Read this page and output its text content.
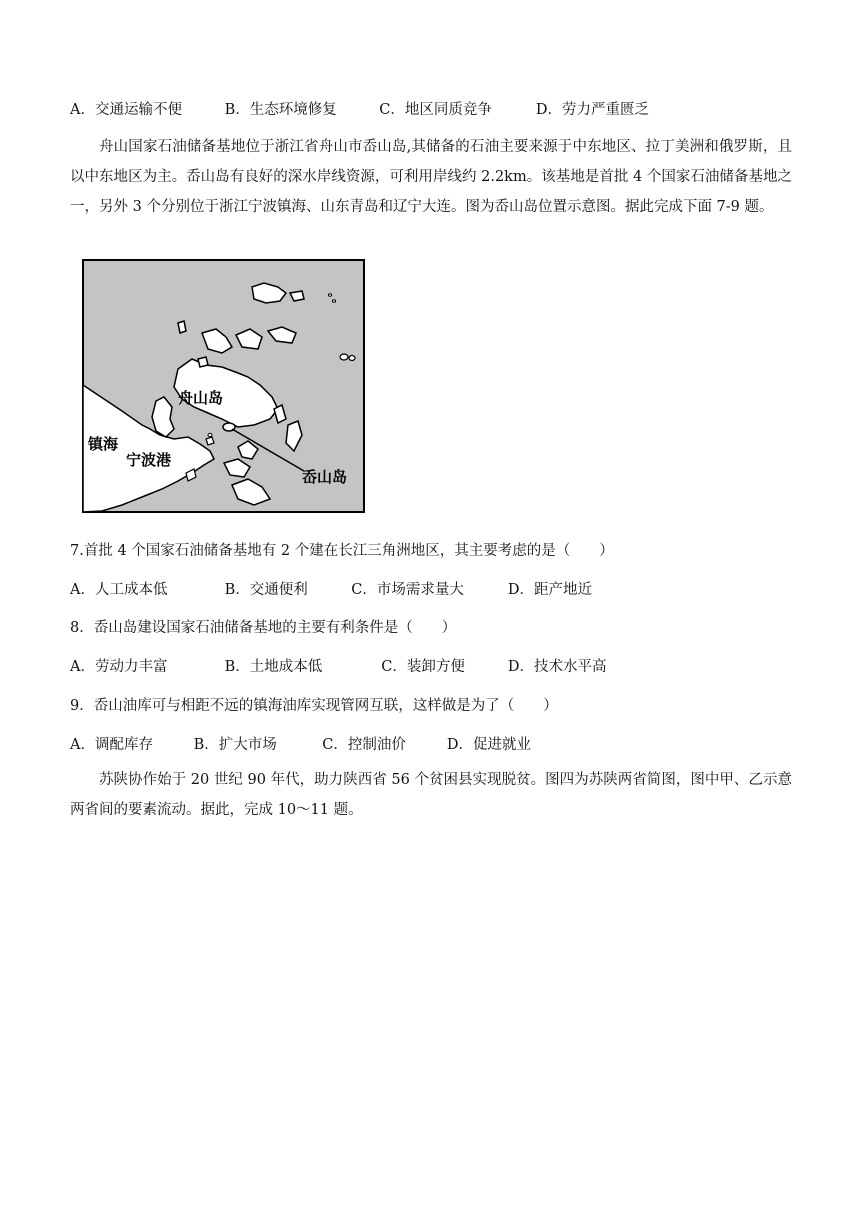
A．交通运输不便	B．生态环境修复	C．地区同质竞争	D．劳力严重匮乏
舟山国家石油储备基地位于浙江省舟山市岙山岛,其储备的石油主要来源于中东地区、拉丁美洲和俄罗斯，且以中东地区为主。岙山岛有良好的深水岸线资源，可利用岸线约 2.2km。该基地是首批 4 个国家石油储备基地之一，另外 3 个分别位于浙江宁波镇海、山东青岛和辽宁大连。图为岙山岛位置示意图。据此完成下面 7-9 题。
舟山岛
镇海
宁波港
岙山岛
7.首批 4 个国家石油储备基地有 2 个建在长江三角洲地区，其主要考虑的是（　　）
A．人工成本低	B．交通便利	C．市场需求量大	D．距产地近
8．岙山岛建设国家石油储备基地的主要有利条件是（　　）
A．劳动力丰富	B．土地成本低	C．装卸方便	D．技术水平高
9．岙山油库可与相距不远的镇海油库实现管网互联，这样做是为了（　　）
A．调配库存	B．扩大市场	C．控制油价	D．促进就业
苏陕协作始于 20 世纪 90 年代，助力陕西省 56 个贫困县实现脱贫。图四为苏陕两省简图，图中甲、乙示意两省间的要素流动。据此，完成 10～11 题。
